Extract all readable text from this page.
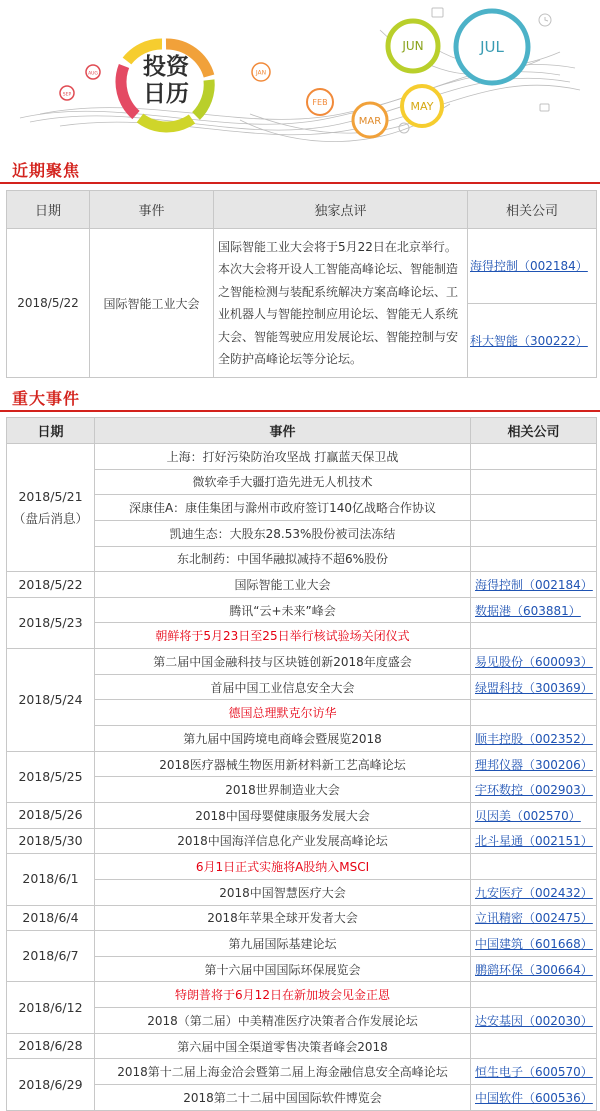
SEP
AUG 投资
日历
JAN
FEB
MAR
MAY
JUN	JUL
近期聚焦
日期	事件	独家点评	相关公司
2018/5/22	国际智能工业大会	国际智能工业大会将于5月22日在北京举行。本次大会将开设人工智能高峰论坛、智能制造之智能检测与装配系统解决方案高峰论坛、工业机器人与智能控制应用论坛、智能无人系统大会、智能驾驶应用发展论坛、智能控制与安全防护高峰论坛等分论坛。	海得控制（002184）
科大智能（300222）
重大事件
日期	事件	相关公司

2018/5/21
（盘后消息）	上海：打好污染防治攻坚战 打赢蓝天保卫战	
	微软牵手大疆打造先进无人机技术	
	深康佳A：康佳集团与滁州市政府签订140亿战略合作协议	
	凯迪生态：大股东28.53%股份被司法冻结	
	东北制药：中国华融拟减持不超6%股份	

2018/5/22	国际智能工业大会	海得控制（002184）

2018/5/23	腾讯“云+未来”峰会	数据港（603881）
	朝鲜将于5月23日至25日举行核试验场关闭仪式	

2018/5/24	第二届中国金融科技与区块链创新2018年度盛会	易见股份（600093）
	首届中国工业信息安全大会	绿盟科技（300369）
	德国总理默克尔访华	
	第九届中国跨境电商峰会暨展览2018	顺丰控股（002352）

2018/5/25	2018医疗器械生物医用新材料新工艺高峰论坛	理邦仪器（300206）
	2018世界制造业大会	宇环数控（002903）

2018/5/26	2018中国母婴健康服务发展大会	贝因美（002570）

2018/5/30	2018中国海洋信息化产业发展高峰论坛	北斗星通（002151）

2018/6/1	6月1日正式实施将A股纳入MSCI	
	2018中国智慧医疗大会	九安医疗（002432）

2018/6/4	2018年苹果全球开发者大会	立讯精密（002475）

2018/6/7	第九届国际基建论坛	中国建筑（601668）
	第十六届中国国际环保展览会	鹏鹞环保（300664）

2018/6/12	特朗普将于6月12日在新加坡会见金正恩	
	2018（第二届）中美精准医疗决策者合作发展论坛	达安基因（002030）

2018/6/28	第六届中国全渠道零售决策者峰会2018	

2018/6/29	2018第十二届上海金洽会暨第二届上海金融信息安全高峰论坛	恒生电子（600570）
	2018第二十二届中国国际软件博览会	中国软件（600536）
